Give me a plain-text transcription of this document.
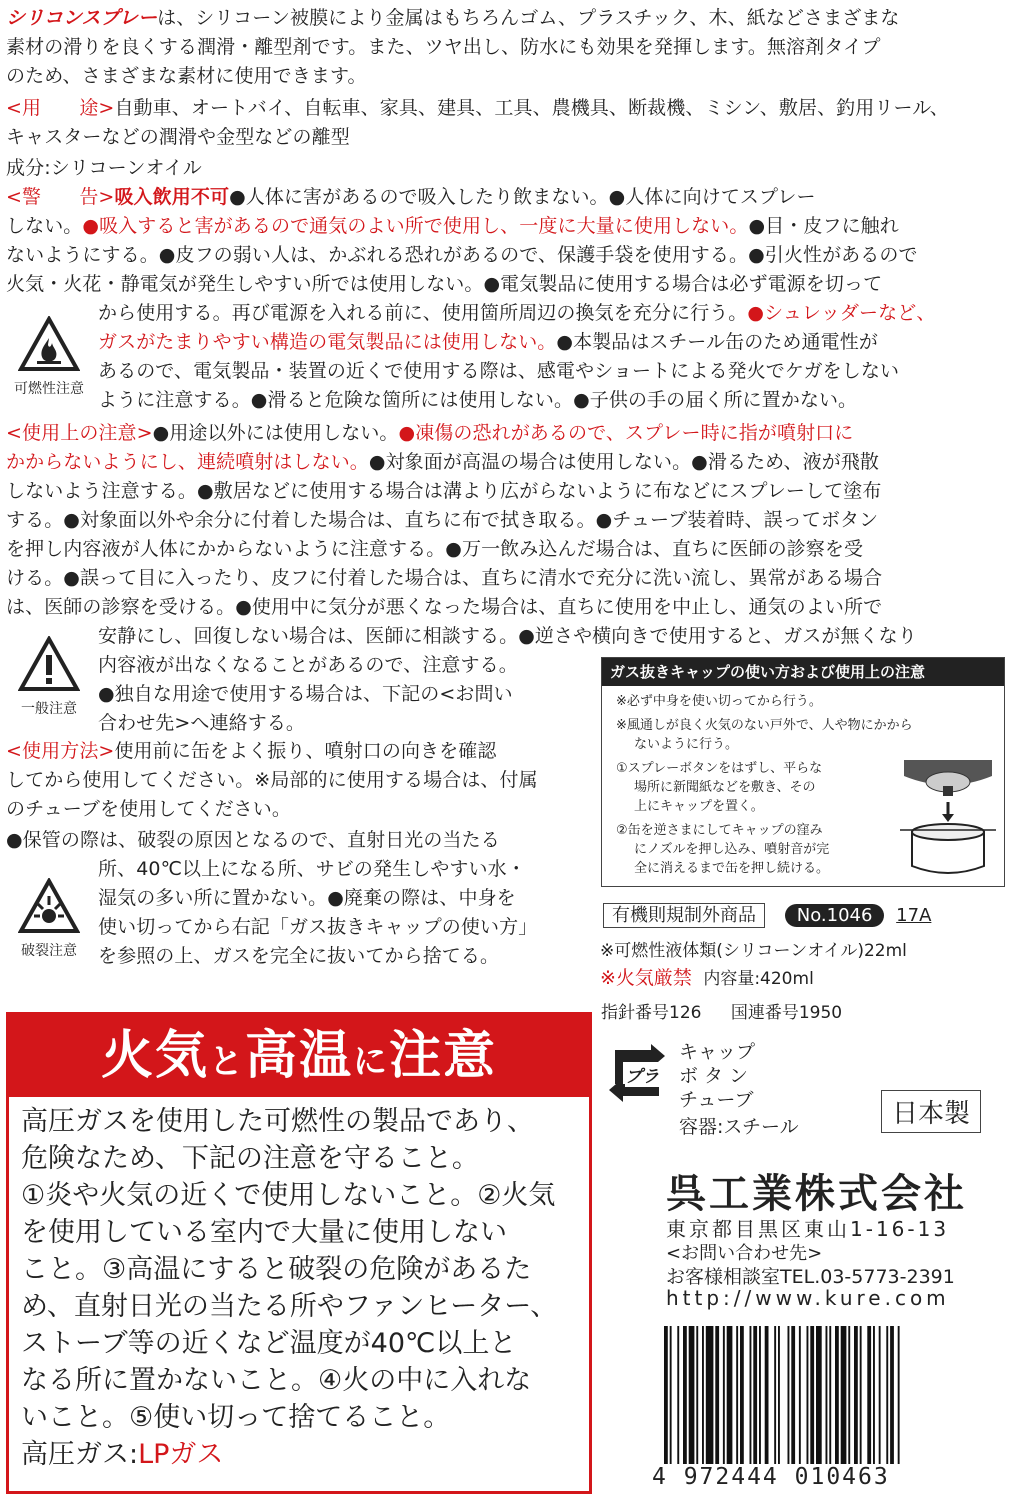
シリコンスプレーは、シリコーン被膜により金属はもちろんゴム、プラスチック、木、紙などさまざまな
素材の滑りを良くする潤滑・離型剤です。また、ツヤ出し、防水にも効果を発揮します。無溶剤タイプ
のため、さまざまな素材に使用できます。
<用　　途>自動車、オートバイ、自転車、家具、建具、工具、農機具、断裁機、ミシン、敷居、釣用リール、
キャスターなどの潤滑や金型などの離型
成分:シリコーンオイル
<警　　告>吸入飲用不可●人体に害があるので吸入したり飲まない。●人体に向けてスプレー
しない。●吸入すると害があるので通気のよい所で使用し、一度に大量に使用しない。●目・皮フに触れ
ないようにする。●皮フの弱い人は、かぶれる恐れがあるので、保護手袋を使用する。●引火性があるので
火気・火花・静電気が発生しやすい所では使用しない。●電気製品に使用する場合は必ず電源を切って
から使用する。再び電源を入れる前に、使用箇所周辺の換気を充分に行う。●シュレッダーなど、
ガスがたまりやすい構造の電気製品には使用しない。●本製品はスチール缶のため通電性が
あるので、電気製品・装置の近くで使用する際は、感電やショートによる発火でケガをしない
ように注意する。●滑ると危険な箇所には使用しない。●子供の手の届く所に置かない。
可燃性注意
<使用上の注意>●用途以外には使用しない。●凍傷の恐れがあるので、スプレー時に指が噴射口に
かからないようにし、連続噴射はしない。●対象面が高温の場合は使用しない。●滑るため、液が飛散
しないよう注意する。●敷居などに使用する場合は溝より広がらないように布などにスプレーして塗布
する。●対象面以外や余分に付着した場合は、直ちに布で拭き取る。●チューブ装着時、誤ってボタン
を押し内容液が人体にかからないように注意する。●万一飲み込んだ場合は、直ちに医師の診察を受
ける。●誤って目に入ったり、皮フに付着した場合は、直ちに清水で充分に洗い流し、異常がある場合
は、医師の診察を受ける。●使用中に気分が悪くなった場合は、直ちに使用を中止し、通気のよい所で
安静にし、回復しない場合は、医師に相談する。●逆さや横向きで使用すると、ガスが無くなり
内容液が出なくなることがあるので、注意する。
●独自な用途で使用する場合は、下記の<お問い
合わせ先>へ連絡する。
一般注意
<使用方法>使用前に缶をよく振り、噴射口の向きを確認
してから使用してください。※局部的に使用する場合は、付属
のチューブを使用してください。
●保管の際は、破裂の原因となるので、直射日光の当たる
所、40℃以上になる所、サビの発生しやすい水・
湿気の多い所に置かない。●廃棄の際は、中身を
使い切ってから右記「ガス抜きキャップの使い方」
を参照の上、ガスを完全に抜いてから捨てる。
破裂注意
ガス抜きキャップの使い方および使用上の注意
※必ず中身を使い切ってから行う。
※風通しが良く火気のない戸外で、人や物にかから
ないように行う。
①スプレーボタンをはずし、平らな
場所に新聞紙などを敷き、その
上にキャップを置く。
②缶を逆さまにしてキャップの窪み
にノズルを押し込み、噴射音が完
全に消えるまで缶を押し続ける。
有機則規制外商品 No.1046 17A
※可燃性液体類(シリコーンオイル)22ml
※火気厳禁 内容量:420ml
指針番号126 国連番号1950
プラ
キャップ
ボタン
チューブ
容器:スチール	日本製
呉工業株式会社
東京都目黒区東山1-16-13
<お問い合わせ先>
お客様相談室TEL.03-5773-2391
http://www.kure.com
4 972444 010463
火気と高温に注意
高圧ガスを使用した可燃性の製品であり、
危険なため、下記の注意を守ること。
①炎や火気の近くで使用しないこと。②火気
を使用している室内で大量に使用しない
こと。③高温にすると破裂の危険があるた
め、直射日光の当たる所やファンヒーター、
ストーブ等の近くなど温度が40℃以上と
なる所に置かないこと。④火の中に入れな
いこと。⑤使い切って捨てること。
高圧ガス:LPガス
